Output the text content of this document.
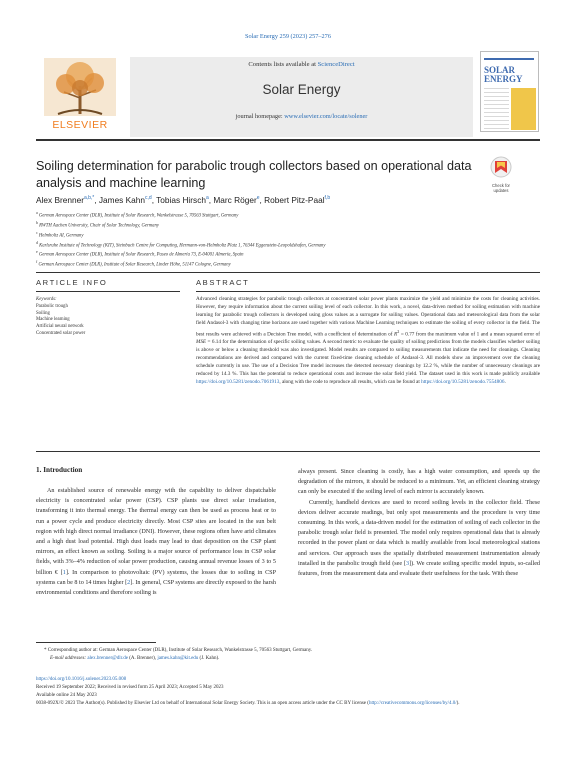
Solar Energy 259 (2023) 257–276
ELSEVIER
Contents lists available at ScienceDirect
Solar Energy
journal homepage: www.elsevier.com/locate/solener
SOLAR
ENERGY
Soiling determination for parabolic trough collectors based on operational data analysis and machine learning	Check for
updates
Alex Brenner$^{a,b,*}$, James Kahn$^{c,d}$, Tobias Hirsch$^a$, Marc Röger$^e$, Robert Pitz-Paal$^{f,b}$
$^a$ German Aerospace Center (DLR), Institute of Solar Research, Wankelstrasse 5, 70563 Stuttgart, Germany
$^b$ RWTH Aachen University, Chair of Solar Technology, Germany
$^c$ Helmholtz AI, Germany
$^d$ Karlsruhe Institute of Technology (KIT), Steinbuch Centre for Computing, Hermann-von-Helmholtz Platz 1, 76344 Eggenstein-Leopoldshafen, Germany
$^e$ German Aerospace Center (DLR), Institute of Solar Research, Paseo de Almería 73, E-04001 Almería, Spain
$^f$ German Aerospace Center (DLR), Institute of Solar Research, Linder Höhe, 51147 Cologne, Germany
ARTICLE INFO	ABSTRACT
Keywords:
Parabolic trough
Soiling
Machine learning
Artificial neural network
Concentrated solar power
Advanced cleaning strategies for parabolic trough collectors at concentrated solar power plants maximize the yield and minimize the costs for cleaning activities. However, they require information about the current soiling level of each collector. In this work, a novel, data-driven method for soiling estimation with machine learning for parabolic trough collectors is developed using gloss values as a surrogate for soiling values. Operational data and meteorological data from the solar field Andasol-3 with changing time horizons are used together with various Machine Learning techniques to estimate the soiling of every collector in the field. The best results were achieved with a Decision Tree model, with a coefficient of determination of $R^2 = 0.77$ from the maximum value of 1 and a mean squared error of MSE = 6.14 for the determination of specific soiling values. A second metric to evaluate the quality of soiling predictions from the models classifies whether soiling is above or below a cleaning threshold was also investigated. Model results are compared to soiling measurements that indicate the need for cleanings. Cleaning recommendations are derived and compared with the current fixed-time cleaning schedule of Andasol-3. All models show an improvement over the cleaning schedule currently in use. The use of a Decision Tree model increases the detected necessary cleanings by 12.2 %, while the number of unnecessary cleanings are reduced by 14.3 %. This has the potential to reduce operational costs and increase the solar field yield. The dataset used in this work is made publicly available https://doi.org/10.5281/zenodo.7061913, along with the code to reproduce all results, which can be found at https://doi.org/10.5281/zenodo.7554806.
1. Introduction

An established source of renewable energy with the capability to deliver dispatchable electricity is concentrated solar power (CSP). CSP plants use direct solar irradiation, transforming it into thermal energy. The thermal energy can then be used as process heat or to run a power cycle and produce electricity directly. Most CSP sites are located in the sun belt region with high direct normal irradiance (DNI). However, these regions often have arid climates and a high dust load potential. High dust loads may lead to dust deposition on the CSP plant mirrors, an effect known as soiling. Soiling is a major source of performance loss in CSP solar fields, with 3%–4% reduction of solar power production, causing annual revenue losses of 3 to 5 billion € [1]. In comparison to photovoltaic (PV) systems, the losses due to soiling in CSP systems can be 8 to 14 times higher [2]. In general, CSP systems are directly exposed to the harsh environmental conditions and therefore soiling is

always present. Since cleaning is costly, has a high water consumption, and speeds up the degradation of the mirrors, it should be reduced to a minimum. Yet, an efficient cleaning strategy can only be executed if the soiling level of each mirror is accurately known.

Currently, handheld devices are used to record soiling levels in the collector field. These devices deliver accurate readings, but only spot measurements and the procedure is very time consuming. In this work, a data-driven model for the estimation of soiling of each collector in the parabolic trough solar field is presented. The model only requires operational data that is already recorded in the power plant or data which is readily available from local meteorological stations and services. Our approach uses the spatially distributed measurement instrumentation already installed in the parabolic trough field (see [3]). We create soiling specific model inputs, so-called features, from the measurement data and evaluate their usefulness for the task. With these

* Corresponding author at: German Aerospace Center (DLR), Institute of Solar Research, Wankelstrasse 5, 70563 Stuttgart, Germany.
E-mail addresses: alex.brenner@dlr.de (A. Brenner), james.kahn@kit.edu (J. Kahn).
https://doi.org/10.1016/j.solener.2023.05.008
Received 19 September 2022; Received in revised form 25 April 2023; Accepted 5 May 2023
Available online 24 May 2023
0038-092X/© 2023 The Author(s). Published by Elsevier Ltd on behalf of International Solar Energy Society. This is an open access article under the CC BY license (http://creativecommons.org/licenses/by/4.0/).
